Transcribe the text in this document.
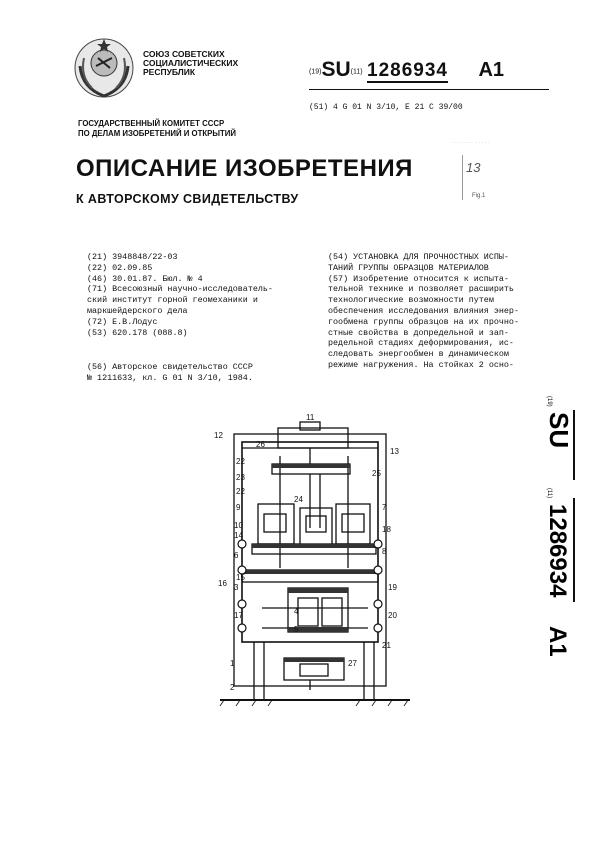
СОЮЗ СОВЕТСКИХ
СОЦИАЛИСТИЧЕСКИХ
РЕСПУБЛИК	(19)SU(11) 1286934 A1
(51) 4 G 01 N 3/10, E 21 C 39/00
ГОСУДАРСТВЕННЫЙ КОМИТЕТ СССР
ПО ДЕЛАМ ИЗОБРЕТЕНИЙ И ОТКРЫТИЙ
ОПИСАНИЕ ИЗОБРЕТЕНИЯ
К АВТОРСКОМУ СВИДЕТЕЛЬСТВУ
······· ·····
13
Fig.1
(21) 3948848/22-03
(22) 02.09.85
(46) 30.01.87. Бюл. № 4
(71) Всесоюзный научно-исследователь-
ский институт горной геомеханики и
маркшейдерского дела
(72) Е.В.Лодус
(53) 620.178 (088.8)
(56) Авторское свидетельство СССР
№ 1211633, кл. G 01 N 3/10, 1984.
(54) УСТАНОВКА ДЛЯ ПРОЧНОСТНЫХ ИСПЫ-
ТАНИЙ ГРУППЫ ОБРАЗЦОВ МАТЕРИАЛОВ
(57) Изобретение относится к испыта-
тельной технике и позволяет расширить
технологические возможности путем
обеспечения исследования влияния энер-
гообмена группы образцов на их прочно-
стные свойства в допредельной и зап-
редельной стадиях деформирования, ис-
следовать энергообмен в динамическом
режиме нагружения. На стойках 2 осно-
(19)
SU
(11)
1286934
A1
11
12
26
13
22
23
24
25
22
9	7
10
14
18
6	8
15
3	19
16
17	20
4
5
21
1	27
2
